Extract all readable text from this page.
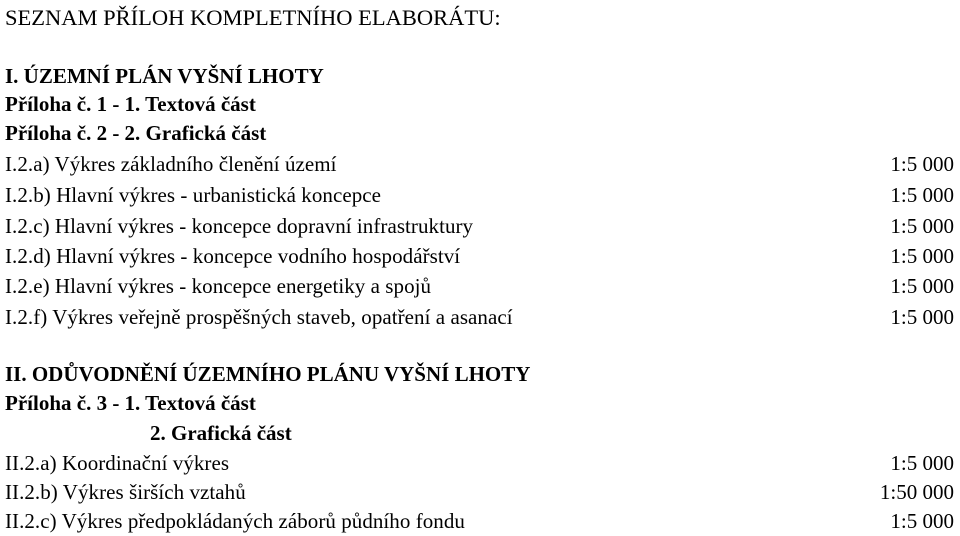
SEZNAM PŘÍLOH KOMPLETNÍHO ELABORÁTU:
I. ÚZEMNÍ PLÁN VYŠNÍ LHOTY
Příloha č. 1 - 1. Textová část
Příloha č. 2 - 2. Grafická část
I.2.a) Výkres základního členění území	1:5 000
I.2.b) Hlavní výkres - urbanistická koncepce	1:5 000
I.2.c) Hlavní výkres - koncepce dopravní infrastruktury	1:5 000
I.2.d) Hlavní výkres - koncepce vodního hospodářství	1:5 000
I.2.e) Hlavní výkres - koncepce energetiky a spojů	1:5 000
I.2.f) Výkres veřejně prospěšných staveb, opatření a asanací	1:5 000
II. ODŮVODNĚNÍ ÚZEMNÍHO PLÁNU VYŠNÍ LHOTY
Příloha č. 3 - 1. Textová část
2. Grafická část
II.2.a) Koordinační výkres	1:5 000
II.2.b) Výkres širších vztahů	1:50 000
II.2.c) Výkres předpokládaných záborů půdního fondu	1:5 000
